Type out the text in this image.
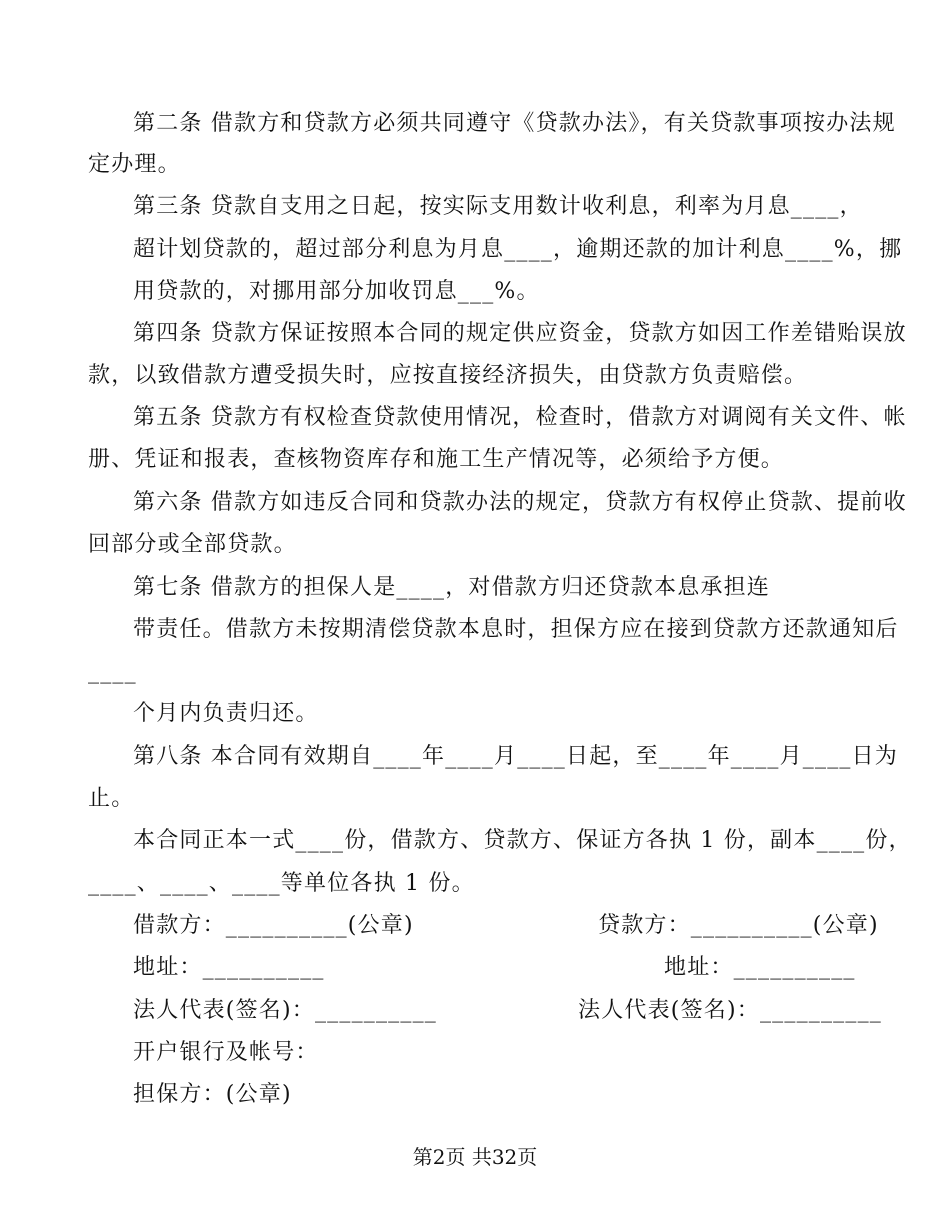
第二条 借款方和贷款方必须共同遵守《贷款办法》，有关贷款事项按办法规
定办理。
第三条 贷款自支用之日起，按实际支用数计收利息，利率为月息____，
超计划贷款的，超过部分利息为月息____，逾期还款的加计利息____%，挪
用贷款的，对挪用部分加收罚息___%。
第四条 贷款方保证按照本合同的规定供应资金，贷款方如因工作差错贻误放
款，以致借款方遭受损失时，应按直接经济损失，由贷款方负责赔偿。
第五条 贷款方有权检查贷款使用情况，检查时，借款方对调阅有关文件、帐
册、凭证和报表，查核物资库存和施工生产情况等，必须给予方便。
第六条 借款方如违反合同和贷款办法的规定，贷款方有权停止贷款、提前收
回部分或全部贷款。
第七条 借款方的担保人是____，对借款方归还贷款本息承担连
带责任。借款方未按期清偿贷款本息时，担保方应在接到贷款方还款通知后
____
个月内负责归还。
第八条 本合同有效期自____年____月____日起，至____年____月____日为
止。
本合同正本一式____份，借款方、贷款方、保证方各执 1 份，副本____份，
____、____、____等单位各执 1 份。
借款方：__________(公章)	贷款方：__________(公章)
地址：__________	地址：__________
法人代表(签名)：__________	法人代表(签名)：__________
开户银行及帐号：
担保方：(公章)
第2页 共32页
